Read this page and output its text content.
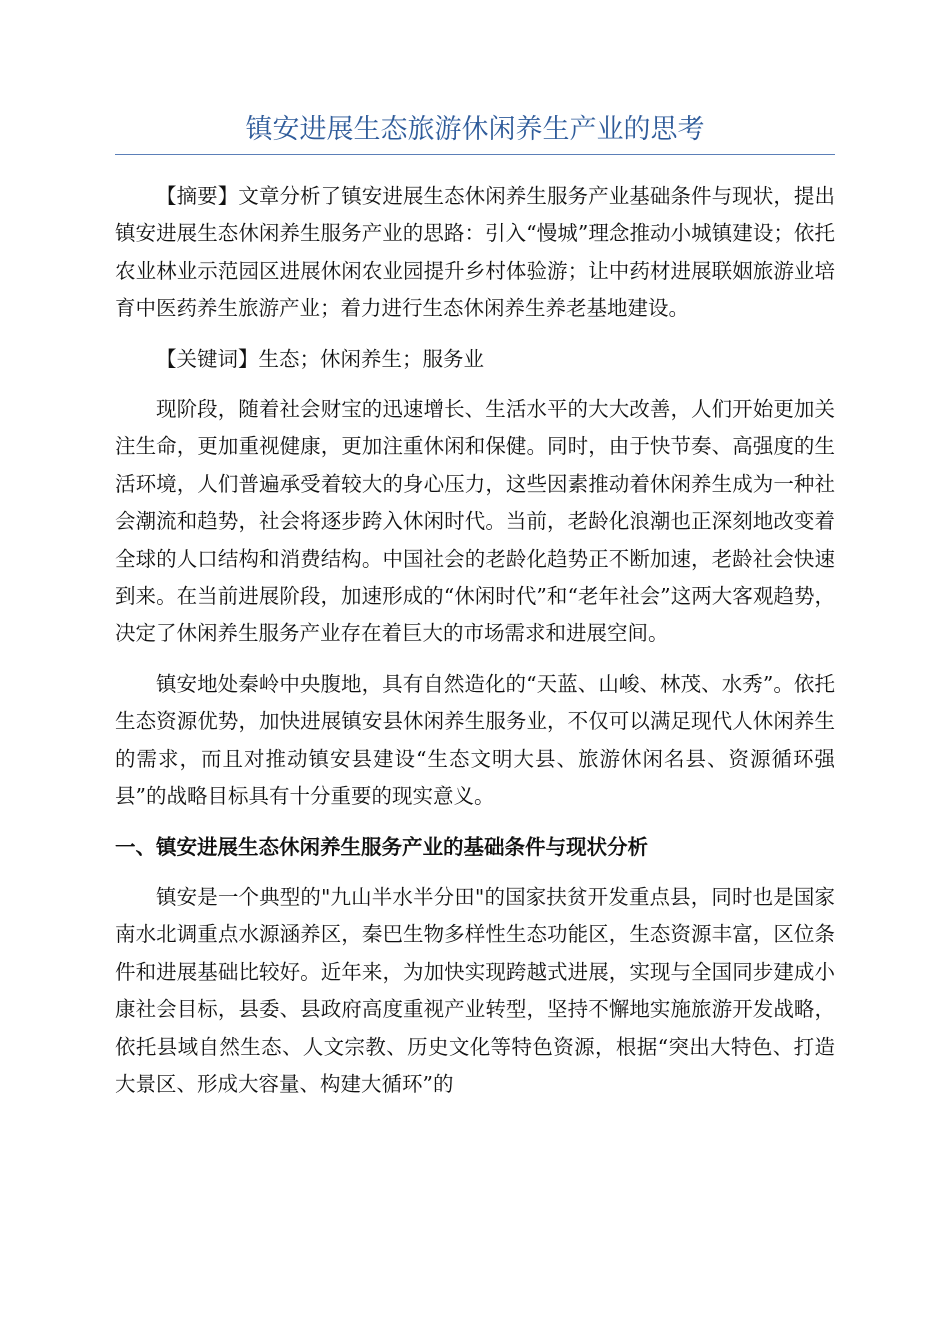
镇安进展生态旅游休闲养生产业的思考

【摘要】文章分析了镇安进展生态休闲养生服务产业基础条件与现状，提出镇安进展生态休闲养生服务产业的思路：引入“慢城”理念推动小城镇建设；依托农业林业示范园区进展休闲农业园提升乡村体验游；让中药材进展联姻旅游业培育中医药养生旅游产业；着力进行生态休闲养生养老基地建设。

【关键词】生态；休闲养生；服务业

现阶段，随着社会财宝的迅速增长、生活水平的大大改善，人们开始更加关注生命，更加重视健康，更加注重休闲和保健。同时，由于快节奏、高强度的生活环境，人们普遍承受着较大的身心压力，这些因素推动着休闲养生成为一种社会潮流和趋势，社会将逐步跨入休闲时代。当前，老龄化浪潮也正深刻地改变着全球的人口结构和消费结构。中国社会的老龄化趋势正不断加速，老龄社会快速到来。在当前进展阶段，加速形成的“休闲时代”和“老年社会”这两大客观趋势，决定了休闲养生服务产业存在着巨大的市场需求和进展空间。

镇安地处秦岭中央腹地，具有自然造化的“天蓝、山峻、林茂、水秀”。依托生态资源优势，加快进展镇安县休闲养生服务业，不仅可以满足现代人休闲养生的需求，而且对推动镇安县建设“生态文明大县、旅游休闲名县、资源循环强县”的战略目标具有十分重要的现实意义。

一、镇安进展生态休闲养生服务产业的基础条件与现状分析

镇安是一个典型的"九山半水半分田"的国家扶贫开发重点县，同时也是国家南水北调重点水源涵养区，秦巴生物多样性生态功能区，生态资源丰富，区位条件和进展基础比较好。近年来，为加快实现跨越式进展，实现与全国同步建成小康社会目标，县委、县政府高度重视产业转型，坚持不懈地实施旅游开发战略，依托县域自然生态、人文宗教、历史文化等特色资源，根据“突出大特色、打造大景区、形成大容量、构建大循环”的
